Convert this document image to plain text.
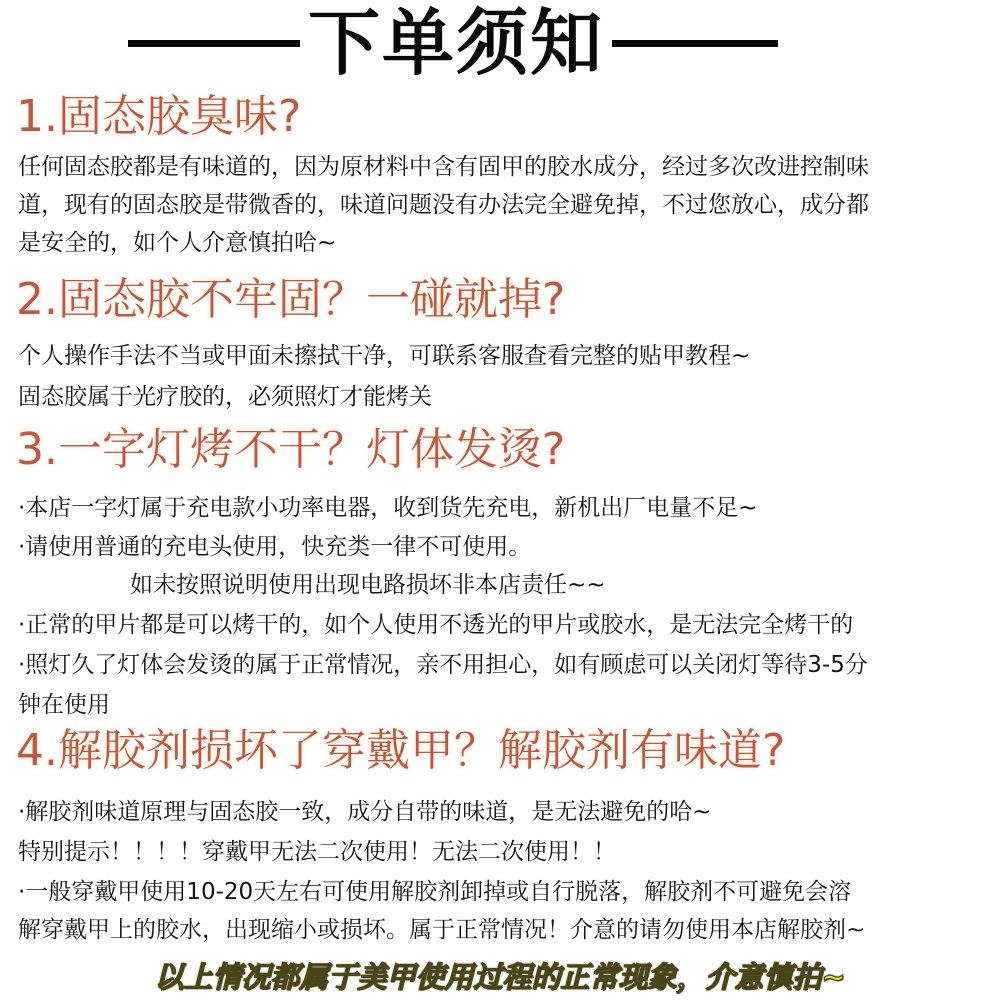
下单须知
1.固态胶臭味?
任何固态胶都是有味道的，因为原材料中含有固甲的胶水成分，经过多次改进控制味
道，现有的固态胶是带微香的，味道问题没有办法完全避免掉，不过您放心，成分都
是安全的，如个人介意慎拍哈~
2.固态胶不牢固？一碰就掉?
个人操作手法不当或甲面未擦拭干净，可联系客服查看完整的贴甲教程~
固态胶属于光疗胶的，必须照灯才能烤关
3.一字灯烤不干？灯体发烫?
·本店一字灯属于充电款小功率电器，收到货先充电，新机出厂电量不足~
·请使用普通的充电头使用，快充类一律不可使用。
如未按照说明使用出现电路损坏非本店责任~~
·正常的甲片都是可以烤干的，如个人使用不透光的甲片或胶水，是无法完全烤干的
·照灯久了灯体会发烫的属于正常情况，亲不用担心，如有顾虑可以关闭灯等待3-5分
钟在使用
4.解胶剂损坏了穿戴甲？解胶剂有味道?
·解胶剂味道原理与固态胶一致，成分自带的味道，是无法避免的哈~
特别提示！！！！穿戴甲无法二次使用！无法二次使用！！
·一般穿戴甲使用10-20天左右可使用解胶剂卸掉或自行脱落，解胶剂不可避免会溶
解穿戴甲上的胶水，出现缩小或损坏。属于正常情况！介意的请勿使用本店解胶剂~
以上情况都属于美甲使用过程的正常现象，介意慎拍~
